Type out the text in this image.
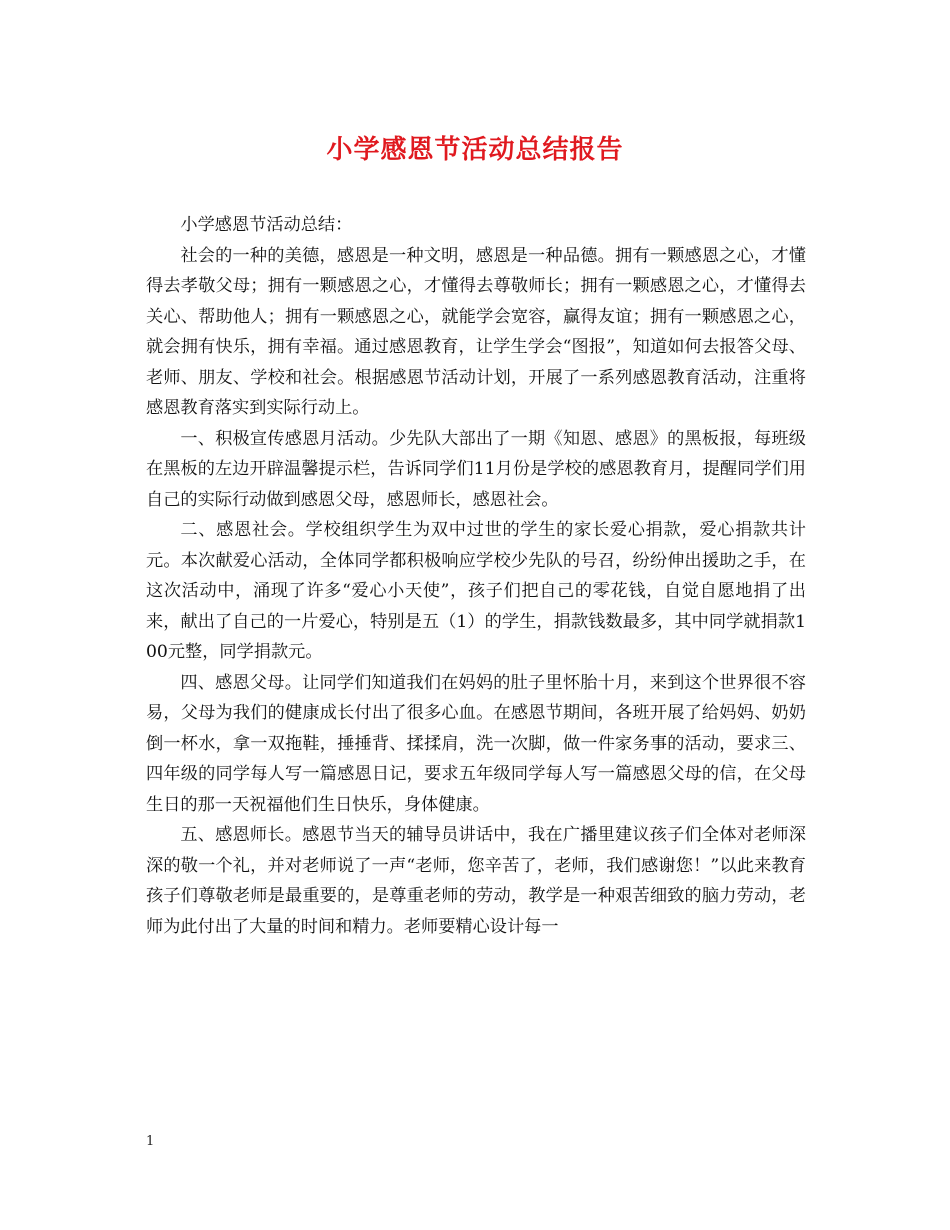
小学感恩节活动总结报告

小学感恩节活动总结：

社会的一种的美德，感恩是一种文明，感恩是一种品德。拥有一颗感恩之心，才懂得去孝敬父母；拥有一颗感恩之心，才懂得去尊敬师长；拥有一颗感恩之心，才懂得去关心、帮助他人；拥有一颗感恩之心，就能学会宽容，赢得友谊；拥有一颗感恩之心，就会拥有快乐，拥有幸福。通过感恩教育，让学生学会“图报”，知道如何去报答父母、老师、朋友、学校和社会。根据感恩节活动计划，开展了一系列感恩教育活动，注重将感恩教育落实到实际行动上。

一、积极宣传感恩月活动。少先队大部出了一期《知恩、感恩》的黑板报，每班级在黑板的左边开辟温馨提示栏，告诉同学们11月份是学校的感恩教育月，提醒同学们用自己的实际行动做到感恩父母，感恩师长，感恩社会。

二、感恩社会。学校组织学生为双中过世的学生的家长爱心捐款，爱心捐款共计元。本次献爱心活动，全体同学都积极响应学校少先队的号召，纷纷伸出援助之手，在这次活动中，涌现了许多“爱心小天使”，孩子们把自己的零花钱，自觉自愿地捐了出来，献出了自己的一片爱心，特别是五（1）的学生，捐款钱数最多，其中同学就捐款100元整，同学捐款元。

四、感恩父母。让同学们知道我们在妈妈的肚子里怀胎十月，来到这个世界很不容易，父母为我们的健康成长付出了很多心血。在感恩节期间，各班开展了给妈妈、奶奶倒一杯水，拿一双拖鞋，捶捶背、揉揉肩，洗一次脚，做一件家务事的活动，要求三、四年级的同学每人写一篇感恩日记，要求五年级同学每人写一篇感恩父母的信，在父母生日的那一天祝福他们生日快乐，身体健康。

五、感恩师长。感恩节当天的辅导员讲话中，我在广播里建议孩子们全体对老师深深的敬一个礼，并对老师说了一声“老师，您辛苦了，老师，我们感谢您！”以此来教育孩子们尊敬老师是最重要的，是尊重老师的劳动，教学是一种艰苦细致的脑力劳动，老师为此付出了大量的时间和精力。老师要精心设计每一

1
